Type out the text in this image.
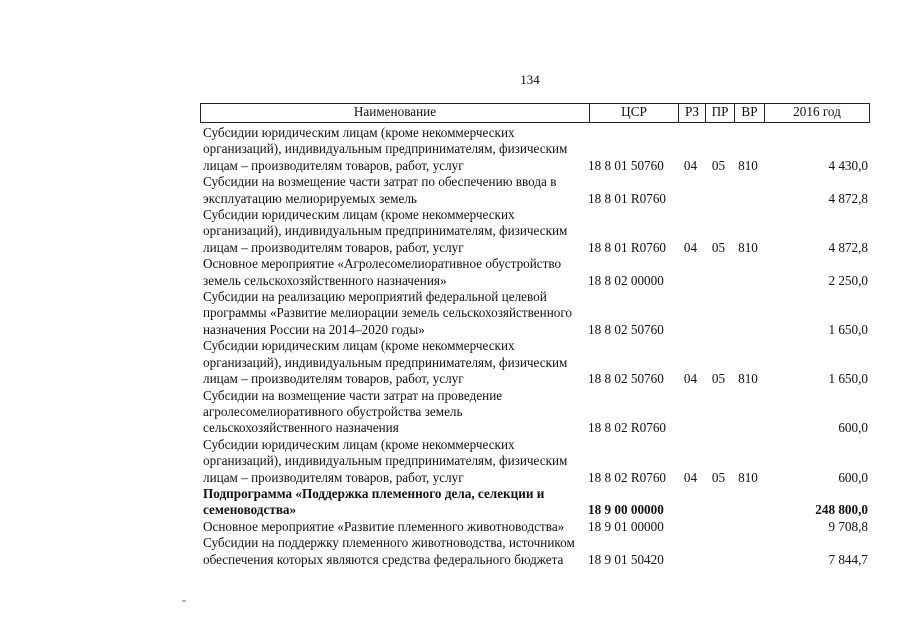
134
Наименование	ЦСР	РЗ ПР ВР	2016 год
Субсидии юридическим лицам (кроме некоммерческих
организаций), индивидуальным предпринимателям, физическим
лицам – производителям товаров, работ, услуг	18 8 01 50760	04	05 810	4 430,0
Субсидии на возмещение части затрат по обеспечению ввода в
эксплуатацию мелиорируемых земель	18 8 01 R0760	4 872,8
Субсидии юридическим лицам (кроме некоммерческих
организаций), индивидуальным предпринимателям, физическим
лицам – производителям товаров, работ, услуг	18 8 01 R0760	04	05 810	4 872,8
Основное мероприятие «Агролесомелиоративное обустройство
земель сельскохозяйственного назначения»	18 8 02 00000	2 250,0
Субсидии на реализацию мероприятий федеральной целевой
программы «Развитие мелиорации земель сельскохозяйственного
назначения России на 2014–2020 годы»	18 8 02 50760	1 650,0
Субсидии юридическим лицам (кроме некоммерческих
организаций), индивидуальным предпринимателям, физическим
лицам – производителям товаров, работ, услуг	18 8 02 50760	04	05 810	1 650,0
Субсидии на возмещение части затрат на проведение
агролесомелиоративного обустройства земель
сельскохозяйственного назначения	18 8 02 R0760	600,0
Субсидии юридическим лицам (кроме некоммерческих
организаций), индивидуальным предпринимателям, физическим
лицам – производителям товаров, работ, услуг	18 8 02 R0760	04	05 810	600,0
Подпрограмма «Поддержка племенного дела, селекции и
семеноводства»	18 9 00 00000	248 800,0
Основное мероприятие «Развитие племенного животноводства»	18 9 01 00000	9 708,8
Субсидии на поддержку племенного животноводства, источником
обеспечения которых являются средства федерального бюджета	18 9 01 50420	7 844,7
